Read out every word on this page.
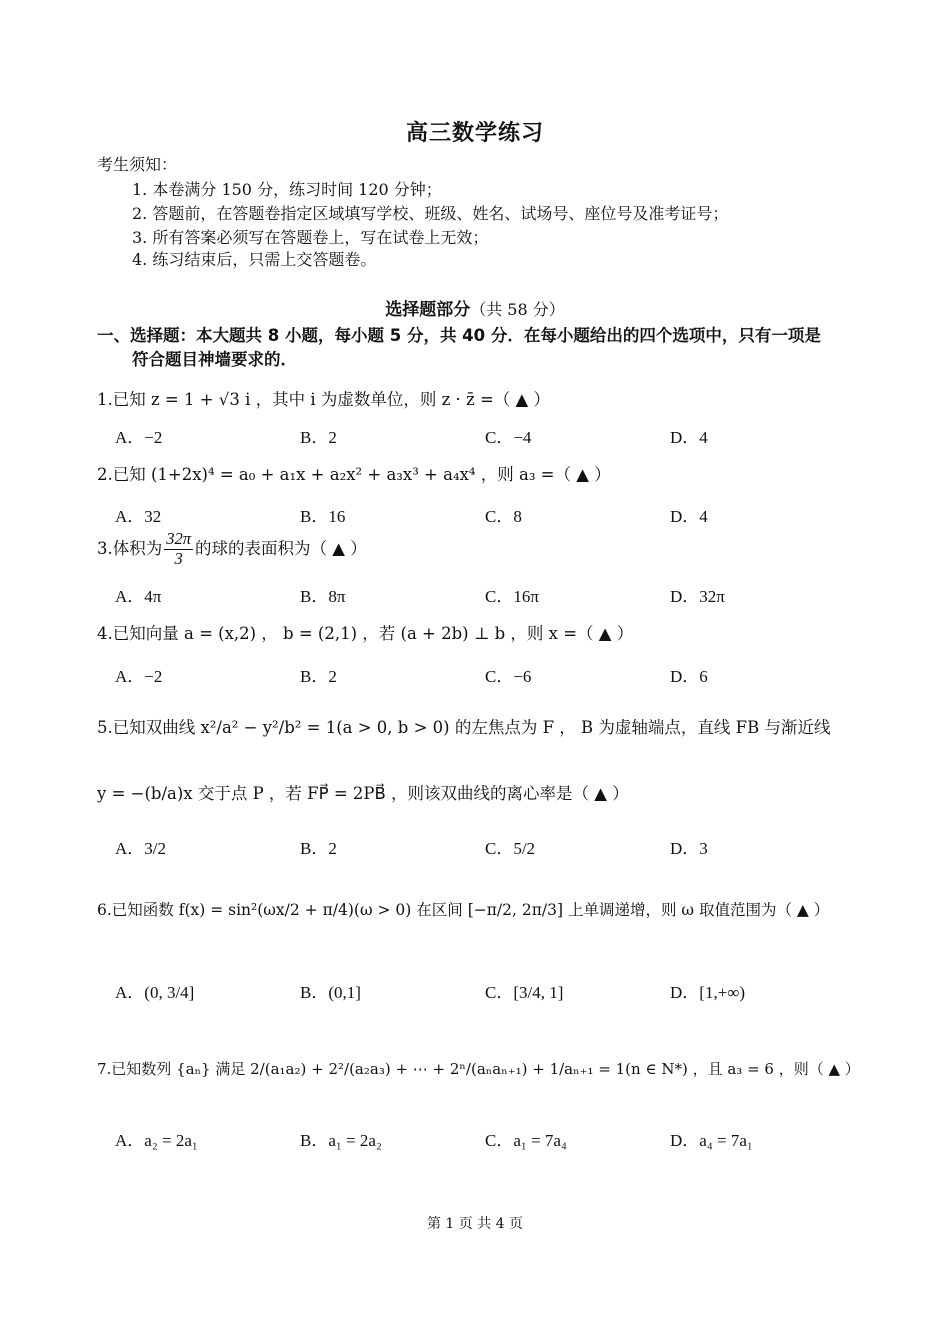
高三数学练习
考生须知：
1. 本卷满分 150 分，练习时间 120 分钟；
2. 答题前，在答题卷指定区域填写学校、班级、姓名、试场号、座位号及准考证号；
3. 所有答案必须写在答题卷上，写在试卷上无效；
4. 练习结束后，只需上交答题卷。
选择题部分（共 58 分）
一、选择题：本大题共 8 小题，每小题 5 分，共 40 分．在每小题给出的四个选项中，只有一项是
符合题目神墙要求的．
1.已知 z = 1 + √3 i ，其中 i 为虚数单位，则 z · z̄ =（ ▲ ）
A．−2	B．2	C．−4	D．4
2.已知 (1+2x)⁴ = a₀ + a₁x + a₂x² + a₃x³ + a₄x⁴ ，则 a₃ =（ ▲ ）
A．32	B．16	C．8	D．4
3.体积为 $\frac{32\pi}{3}$ 的球的表面积为（ ▲ ）
A．4π	B．8π	C．16π	D．32π
4.已知向量 a = (x,2) ， b = (2,1) ，若 (a + 2b) ⊥ b ，则 x =（ ▲ ）
A．−2	B．2	C．−6	D．6
5.已知双曲线 x²/a² − y²/b² = 1(a > 0, b > 0) 的左焦点为 F ， B 为虚轴端点，直线 FB 与渐近线
y = −(b/a)x 交于点 P ，若 FP⃗ = 2PB⃗ ，则该双曲线的离心率是（ ▲ ）
A．3/2	B．2	C．5/2	D．3
6.已知函数 f(x) = sin²(ωx/2 + π/4)(ω > 0) 在区间 [−π/2, 2π/3] 上单调递增，则 ω 取值范围为（ ▲ ）
A．(0, 3/4]	B．(0,1]	C．[3/4, 1]	D．[1,+∞)
7.已知数列 {aₙ} 满足 2/(a₁a₂) + 2²/(a₂a₃) + ⋯ + 2ⁿ/(aₙaₙ₊₁) + 1/aₙ₊₁ = 1(n ∈ N*) ，且 a₃ = 6 ，则（ ▲ ）
A．a₂ = 2a₁	B．a₁ = 2a₂	C．a₁ = 7a₄	D．a₄ = 7a₁
第 1 页 共 4 页
